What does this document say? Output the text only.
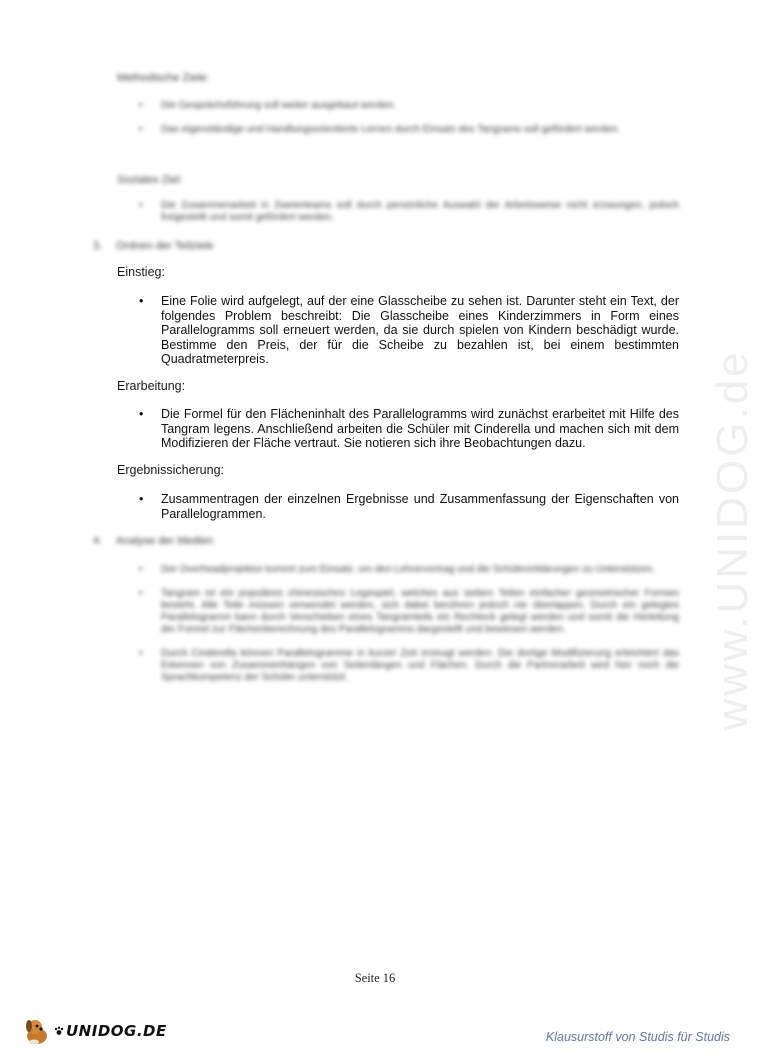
www.UNIDOG.de
Methodische Ziele:
• Die Gesprächsführung soll weiter ausgebaut werden.
• Das eigenständige und Handlungsorientierte Lernen durch Einsatz des Tangrams soll gefördert werden.
Soziales Ziel:
• Die Zusammenarbeit in Zweierteams soll durch persönliche Auswahl der Arbeitsweise nicht erzwungen, jedoch freigestellt und somit gefördert werden.
3. Ordnen der Teilziele
Einstieg:
• Eine Folie wird aufgelegt, auf der eine Glasscheibe zu sehen ist. Darunter steht ein Text, der folgendes Problem beschreibt: Die Glasscheibe eines Kinderzimmers in Form eines Parallelogramms soll erneuert werden, da sie durch spielen von Kindern beschädigt wurde. Bestimme den Preis, der für die Scheibe zu bezahlen ist, bei einem bestimmten Quadratmeterpreis.
Erarbeitung:
• Die Formel für den Flächeninhalt des Parallelogramms wird zunächst erarbeitet mit Hilfe des Tangram legens. Anschließend arbeiten die Schüler mit Cinderella und machen sich mit dem Modifizieren der Fläche vertraut. Sie notieren sich ihre Beobachtungen dazu.
Ergebnissicherung:
• Zusammentragen der einzelnen Ergebnisse und Zusammenfassung der Eigenschaften von Parallelogrammen.
4. Analyse der Medien
• Der Overheadprojektor kommt zum Einsatz, um den Lehrervortrag und die Schülererklärungen zu Unterstützen.
• Tangram ist ein populäres chinesisches Legespiel, welches aus sieben Teilen einfacher geometrischer Formen besteht. Alle Teile müssen verwendet werden, sich dabei berühren jedoch nie überlappen. Durch ein gelegtes Parallelogramm kann durch Verschieben eines Tangramteils ein Rechteck gelegt werden und somit die Herleitung der Formel zur Flächenberechnung des Parallelogramms dargestellt und bewiesen werden.
• Durch Cinderella können Parallelogramme in kurzer Zeit erzeugt werden. Die dortige Modifizierung erleichtert das Erkennen von Zusammenhängen von Seitenlängen und Flächen. Durch die Partnerarbeit wird hier noch die Sprachkompetenz der Schüler unterstützt.
Seite 16
UNIDOG.DE	Klausurstoff von Studis für Studis
